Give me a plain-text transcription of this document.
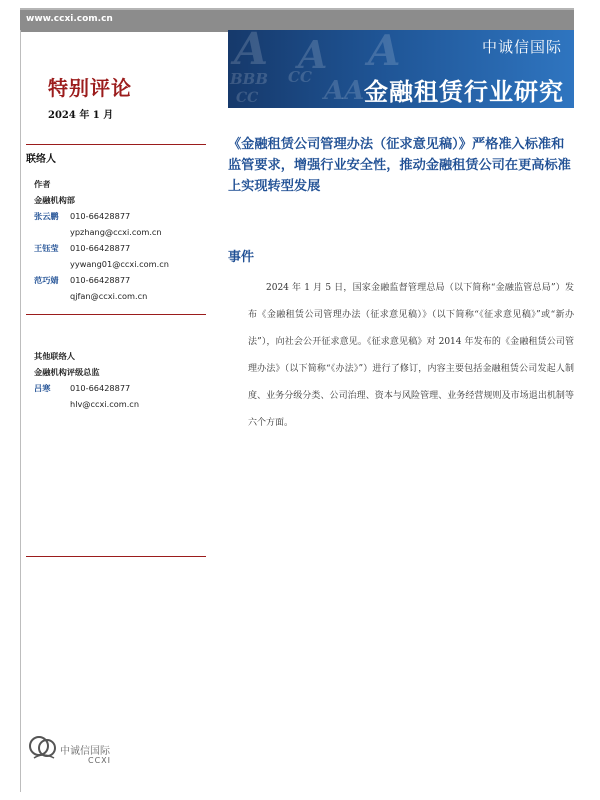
www.ccxi.com.cn
A A A
BBB CC
CC	AA
中诚信国际
金融租赁行业研究
特别评论
2024 年 1 月
联络人
作者
金融机构部
张云鹏 010-66428877
ypzhang@ccxi.com.cn
王钰莹 010-66428877
yywang01@ccxi.com.cn
范巧婧 010-66428877
qjfan@ccxi.com.cn
其他联络人
金融机构评级总监
吕寒 010-66428877
hlv@ccxi.com.cn
《金融租赁公司管理办法（征求意见稿）》严格准入标准和监管要求，增强行业安全性，推动金融租赁公司在更高标准上实现转型发展
事件
2024 年 1 月 5 日，国家金融监督管理总局（以下简称“金融监管总局”）发布《金融租赁公司管理办法（征求意见稿）》（以下简称“《征求意见稿》”或“新办法”），向社会公开征求意见。《征求意见稿》对 2014 年发布的《金融租赁公司管理办法》（以下简称“《办法》”）进行了修订，内容主要包括金融租赁公司发起人制度、业务分级分类、公司治理、资本与风险管理、业务经营规则及市场退出机制等六个方面。
中诚信国际
CCXI
